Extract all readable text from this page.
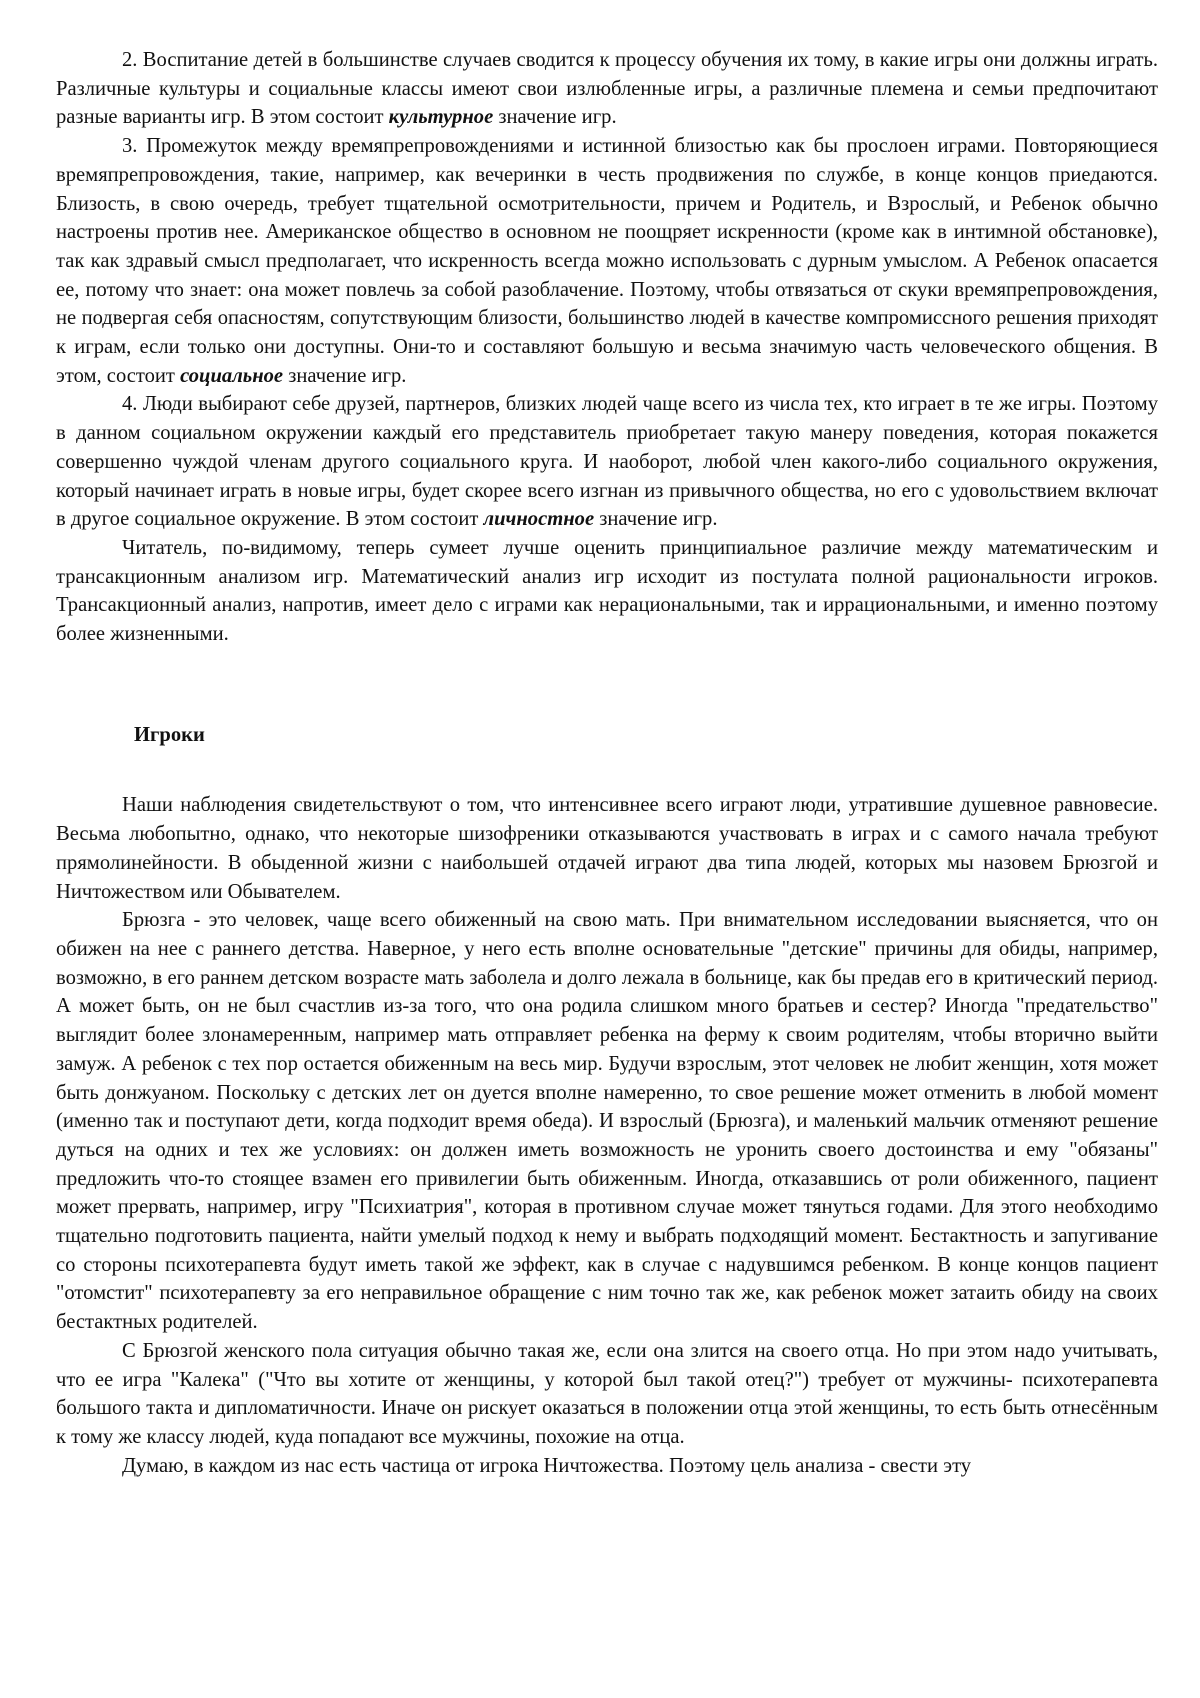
2. Воспитание детей в большинстве случаев сводится к процессу обучения их тому, в какие игры они должны играть. Различные культуры и социальные классы имеют свои излюбленные игры, а различные племена и семьи предпочитают разные варианты игр. В этом состоит культурное значение игр.

3. Промежуток между времяпрепровождениями и истинной близостью как бы прослоен играми. Повторяющиеся времяпрепровождения, такие, например, как вечеринки в честь продвижения по службе, в конце концов приедаются. Близость, в свою очередь, требует тщательной осмотрительности, причем и Родитель, и Взрослый, и Ребенок обычно настроены против нее. Американское общество в основном не поощряет искренности (кроме как в интимной обстановке), так как здравый смысл предполагает, что искренность всегда можно использовать с дурным умыслом. А Ребенок опасается ее, потому что знает: она может повлечь за собой разоблачение. Поэтому, чтобы отвязаться от скуки времяпрепровождения, не подвергая себя опасностям, сопутствующим близости, большинство людей в качестве компромиссного решения приходят к играм, если только они доступны. Они-то и составляют большую и весьма значимую часть человеческого общения. В этом, состоит социальное значение игр.

4. Люди выбирают себе друзей, партнеров, близких людей чаще всего из числа тех, кто играет в те же игры. Поэтому в данном социальном окружении каждый его представитель приобретает такую манеру поведения, которая покажется совершенно чуждой членам другого социального круга. И наоборот, любой член какого-либо социального окружения, который начинает играть в новые игры, будет скорее всего изгнан из привычного общества, но его с удовольствием включат в другое социальное окружение. В этом состоит личностное значение игр.

Читатель, по-видимому, теперь сумеет лучше оценить принципиальное различие между математическим и трансакционным анализом игр. Математический анализ игр исходит из постулата полной рациональности игроков. Трансакционный анализ, напротив, имеет дело с играми как нерациональными, так и иррациональными, и именно поэтому более жизненными.

Игроки

Наши наблюдения свидетельствуют о том, что интенсивнее всего играют люди, утратившие душевное равновесие. Весьма любопытно, однако, что некоторые шизофреники отказываются участвовать в играх и с самого начала требуют прямолинейности. В обыденной жизни с наибольшей отдачей играют два типа людей, которых мы назовем Брюзгой и Ничтожеством или Обывателем.

Брюзга - это человек, чаще всего обиженный на свою мать. При внимательном исследовании выясняется, что он обижен на нее с раннего детства. Наверное, у него есть вполне основательные "детские" причины для обиды, например, возможно, в его раннем детском возрасте мать заболела и долго лежала в больнице, как бы предав его в критический период. А может быть, он не был счастлив из-за того, что она родила слишком много братьев и сестер? Иногда "предательство" выглядит более злонамеренным, например мать отправляет ребенка на ферму к своим родителям, чтобы вторично выйти замуж. А ребенок с тех пор остается обиженным на весь мир. Будучи взрослым, этот человек не любит женщин, хотя может быть донжуаном. Поскольку с детских лет он дуется вполне намеренно, то свое решение может отменить в любой момент (именно так и поступают дети, когда подходит время обеда). И взрослый (Брюзга), и маленький мальчик отменяют решение дуться на одних и тех же условиях: он должен иметь возможность не уронить своего достоинства и ему "обязаны" предложить что-то стоящее взамен его привилегии быть обиженным. Иногда, отказавшись от роли обиженного, пациент может прервать, например, игру "Психиатрия", которая в противном случае может тянуться годами. Для этого необходимо тщательно подготовить пациента, найти умелый подход к нему и выбрать подходящий момент. Бестактность и запугивание со стороны психотерапевта будут иметь такой же эффект, как в случае с надувшимся ребенком. В конце концов пациент "отомстит" психотерапевту за его неправильное обращение с ним точно так же, как ребенок может затаить обиду на своих бестактных родителей.

С Брюзгой женского пола ситуация обычно такая же, если она злится на своего отца. Но при этом надо учитывать, что ее игра "Калека" ("Что вы хотите от женщины, у которой был такой отец?") требует от мужчины- психотерапевта большого такта и дипломатичности. Иначе он рискует оказаться в положении отца этой женщины, то есть быть отнесённым к тому же классу людей, куда попадают все мужчины, похожие на отца.

Думаю, в каждом из нас есть частица от игрока Ничтожества. Поэтому цель анализа - свести эту
